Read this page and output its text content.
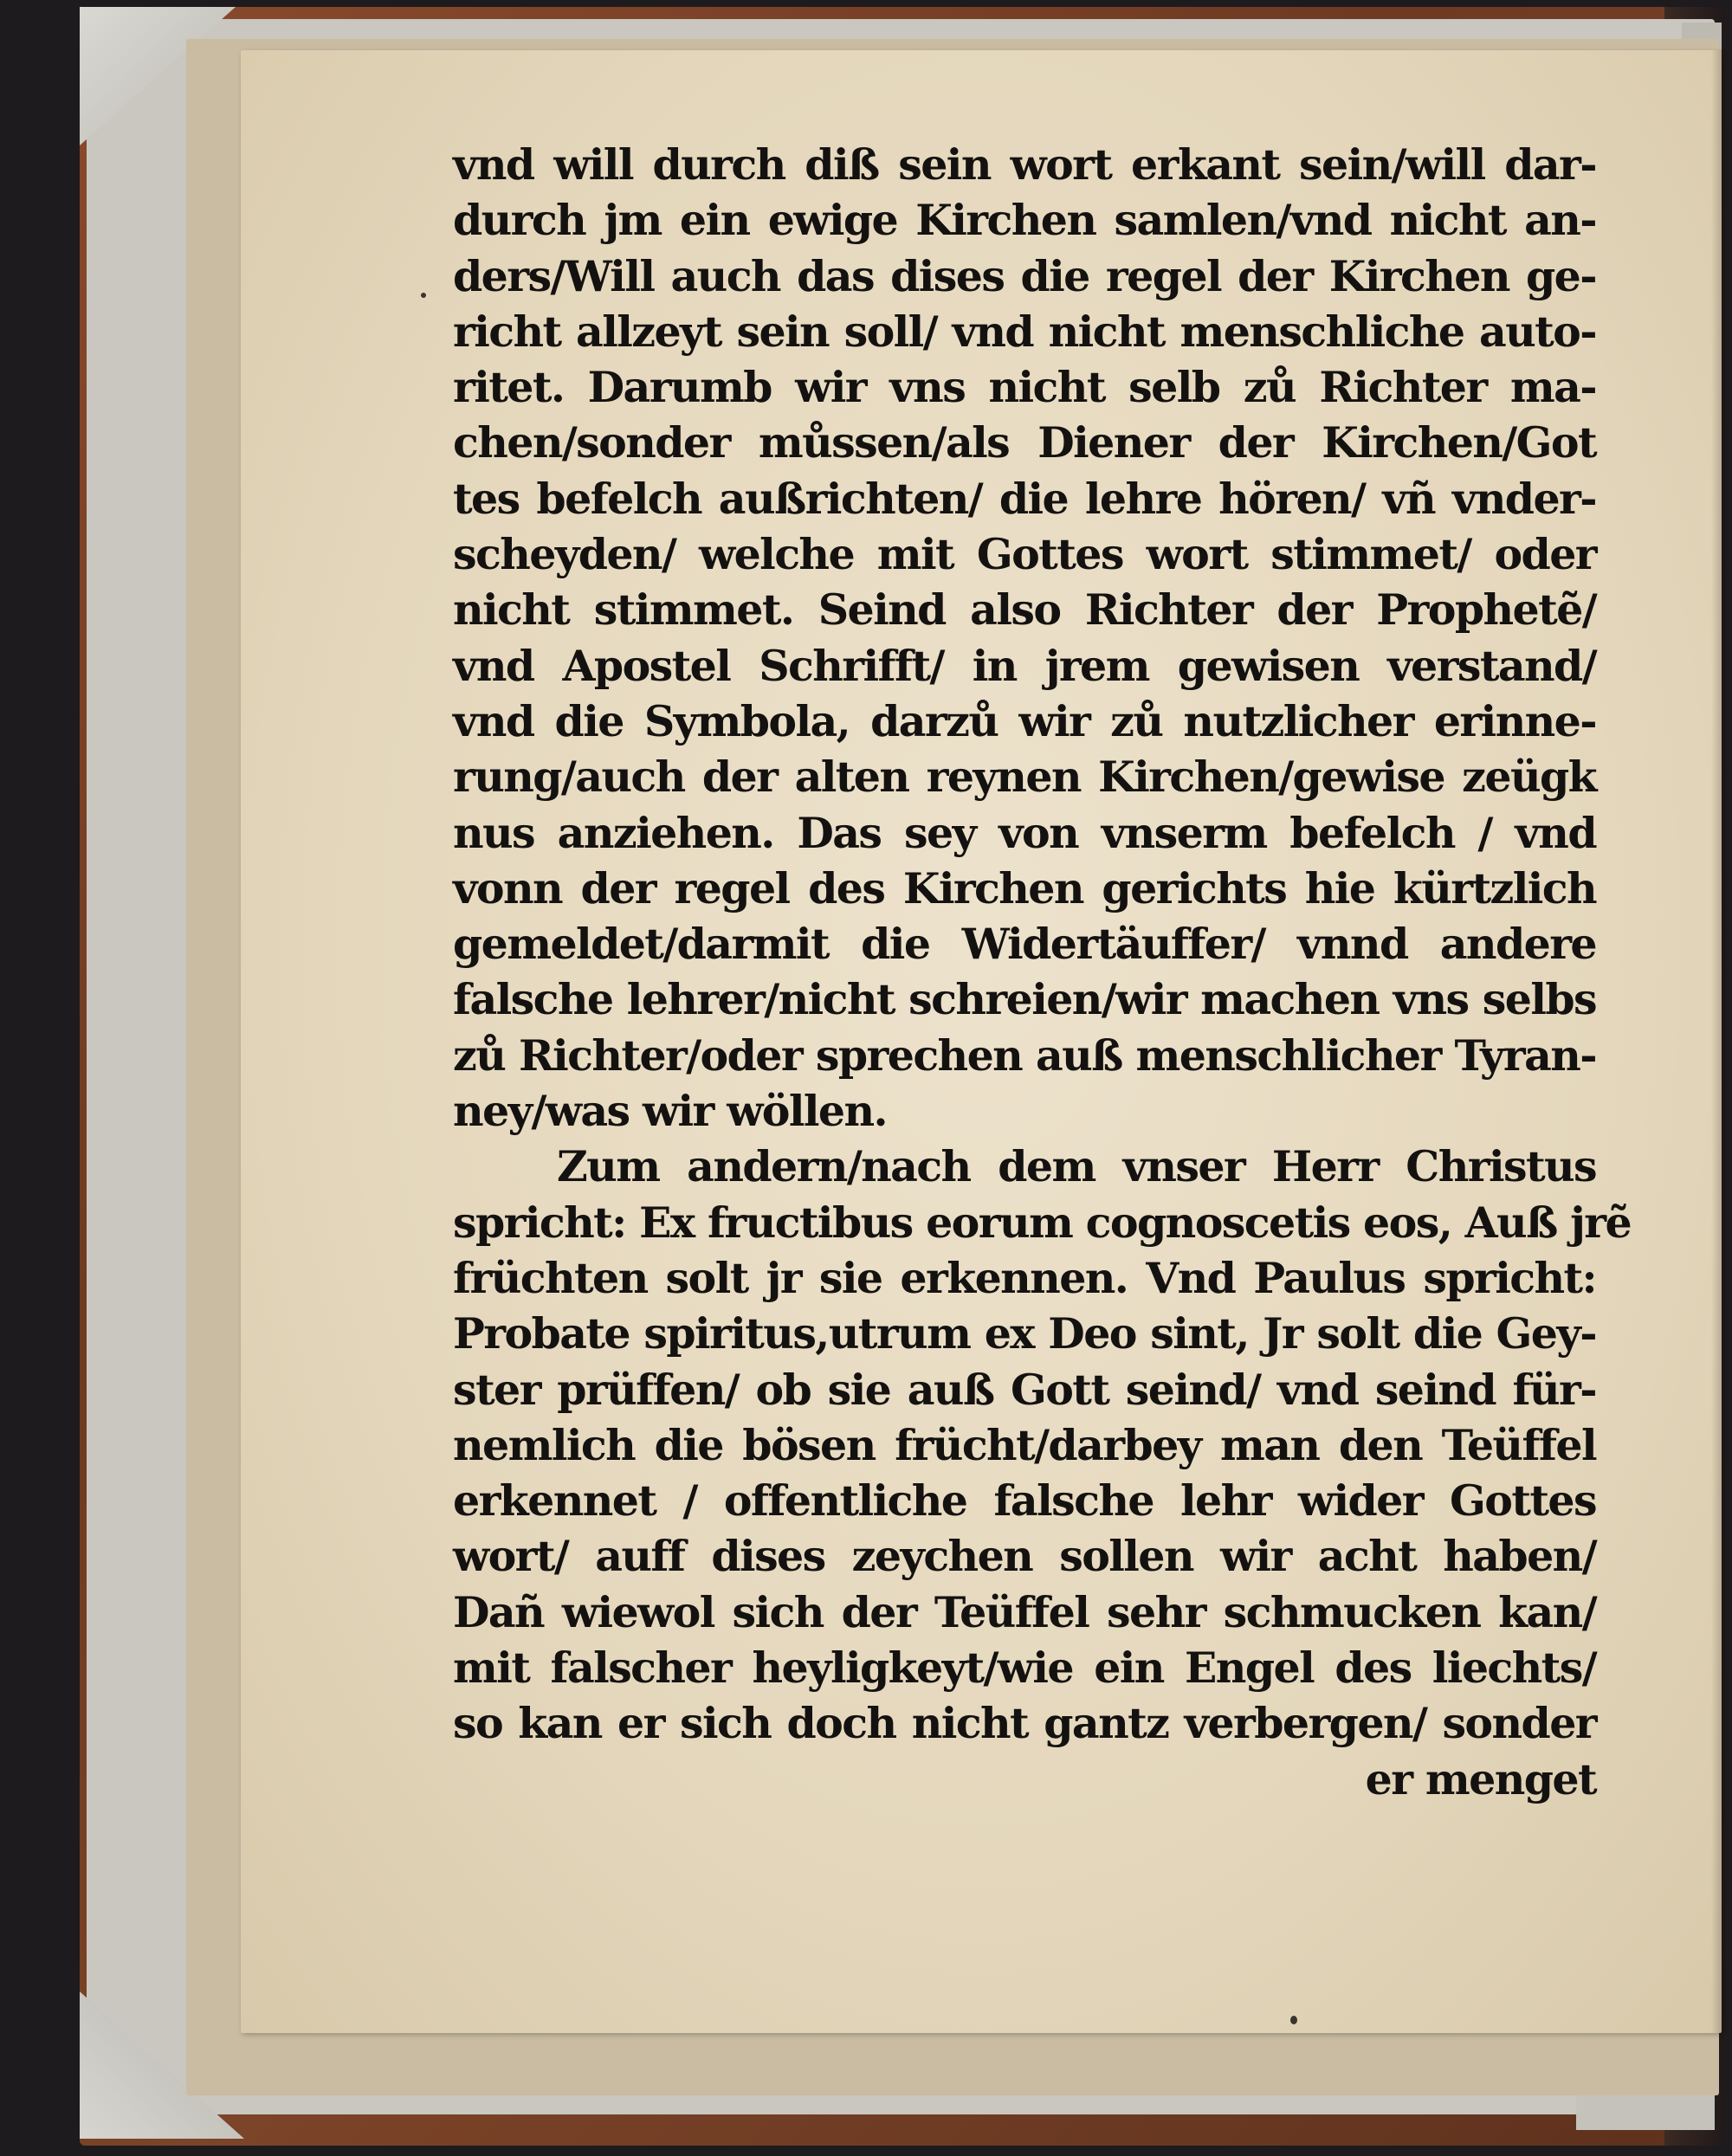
vnd will durch diß sein wort erkant sein/will dar-
durch jm ein ewige Kirchen samlen/vnd nicht an-
ders/Will auch das dises die regel der Kirchen ge-
richt allzeyt sein soll/ vnd nicht menschliche auto-
ritet. Darumb wir vns nicht selb zů Richter ma-
chen/sonder můssen/als Diener der Kirchen/Got
tes befelch außrichten/ die lehre hören/ vñ vnder-
scheyden/ welche mit Gottes wort stimmet/ oder
nicht stimmet. Seind also Richter der Prophetẽ/
vnd Apostel Schrifft/ in jrem gewisen verstand/
vnd die Symbola, darzů wir zů nutzlicher erinne-
rung/auch der alten reynen Kirchen/gewise zeügk
nus anziehen. Das sey von vnserm befelch / vnd
vonn der regel des Kirchen gerichts hie kürtzlich
gemeldet/darmit die Widertäuffer/ vnnd andere
falsche lehrer/nicht schreien/wir machen vns selbs
zů Richter/oder sprechen auß menschlicher Tyran-
ney/was wir wöllen.
Zum andern/nach dem vnser Herr Christus
spricht: Ex fructibus eorum cognoscetis eos, Auß jrẽ
früchten solt jr sie erkennen. Vnd Paulus spricht:
Probate spiritus,utrum ex Deo sint, Jr solt die Gey-
ster prüffen/ ob sie auß Gott seind/ vnd seind für-
nemlich die bösen frücht/darbey man den Teüffel
erkennet / offentliche falsche lehr wider Gottes
wort/ auff dises zeychen sollen wir acht haben/
Dañ wiewol sich der Teüffel sehr schmucken kan/
mit falscher heyligkeyt/wie ein Engel des liechts/
so kan er sich doch nicht gantz verbergen/ sonder
er menget
